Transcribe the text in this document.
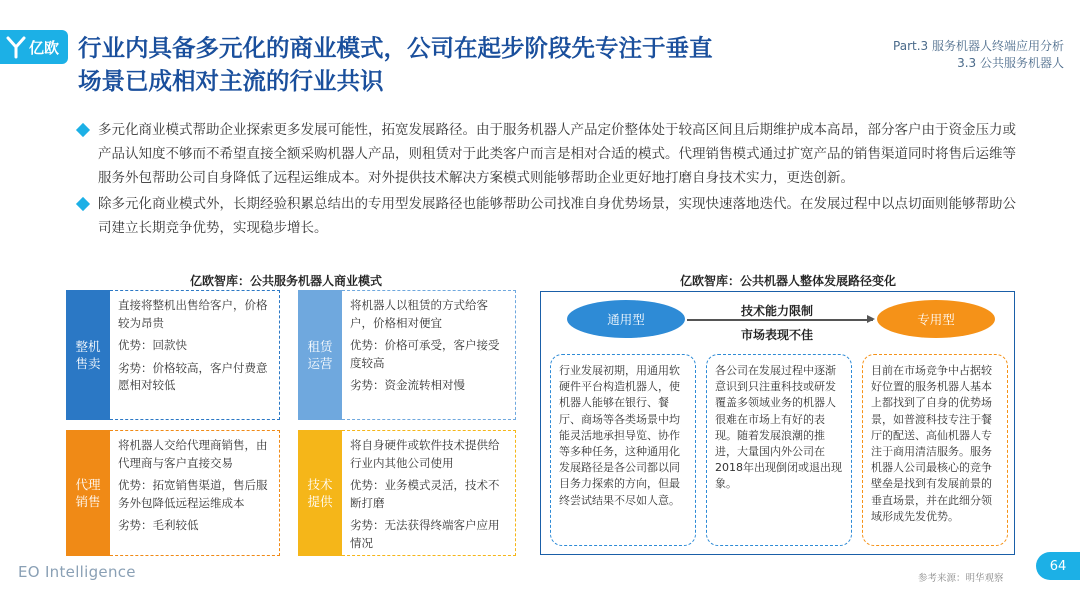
亿欧 行业内具备多元化的商业模式，公司在起步阶段先专注于垂直
场景已成相对主流的行业共识
Part.3 服务机器人终端应用分析
3.3 公共服务机器人
多元化商业模式帮助企业探索更多发展可能性，拓宽发展路径。由于服务机器人产品定价整体处于较高区间且后期维护成本高昂，部分客户由于资金压力或产品认知度不够而不希望直接全额采购机器人产品，则租赁对于此类客户而言是相对合适的模式。代理销售模式通过扩宽产品的销售渠道同时将售后运维等服务外包帮助公司自身降低了远程运维成本。对外提供技术解决方案模式则能够帮助企业更好地打磨自身技术实力，更迭创新。
除多元化商业模式外，长期经验积累总结出的专用型发展路径也能够帮助公司找准自身优势场景，实现快速落地迭代。在发展过程中以点切面则能够帮助公司建立长期竞争优势，实现稳步增长。
亿欧智库：公共服务机器人商业模式
整机
售卖

直接将整机出售给客户，价格较为昂贵

优势：回款快

劣势：价格较高，客户付费意愿相对较低

租赁
运营

将机器人以租赁的方式给客户，价格相对便宜

优势：价格可承受，客户接受度较高

劣势：资金流转相对慢

代理
销售

将机器人交给代理商销售，由代理商与客户直接交易

优势：拓宽销售渠道，售后服务外包降低远程运维成本

劣势：毛利较低

技术
提供

将自身硬件或软件技术提供给行业内其他公司使用

优势：业务模式灵活，技术不断打磨

劣势：无法获得终端客户应用情况

亿欧智库：公共机器人整体发展路径变化
通用型	专用型
技术能力限制
市场表现不佳
行业发展初期，用通用软硬件平台构造机器人，使机器人能够在银行、餐厅、商场等各类场景中均能灵活地承担导览、协作等多种任务，这种通用化发展路径是各公司都以同目务力探索的方向，但最终尝试结果不尽如人意。
各公司在发展过程中逐渐意识到只注重科技或研发覆盖多领域业务的机器人很难在市场上有好的表现。随着发展浪潮的推进，大量国内外公司在2018年出现倒闭或退出现象。
目前在市场竞争中占据较好位置的服务机器人基本上都找到了自身的优势场景，如普渡科技专注于餐厅的配送、高仙机器人专注于商用清洁服务。服务机器人公司最核心的竞争壁垒是找到有发展前景的垂直场景，并在此细分领域形成先发优势。
EO Intelligence	参考来源：明华观察
64
